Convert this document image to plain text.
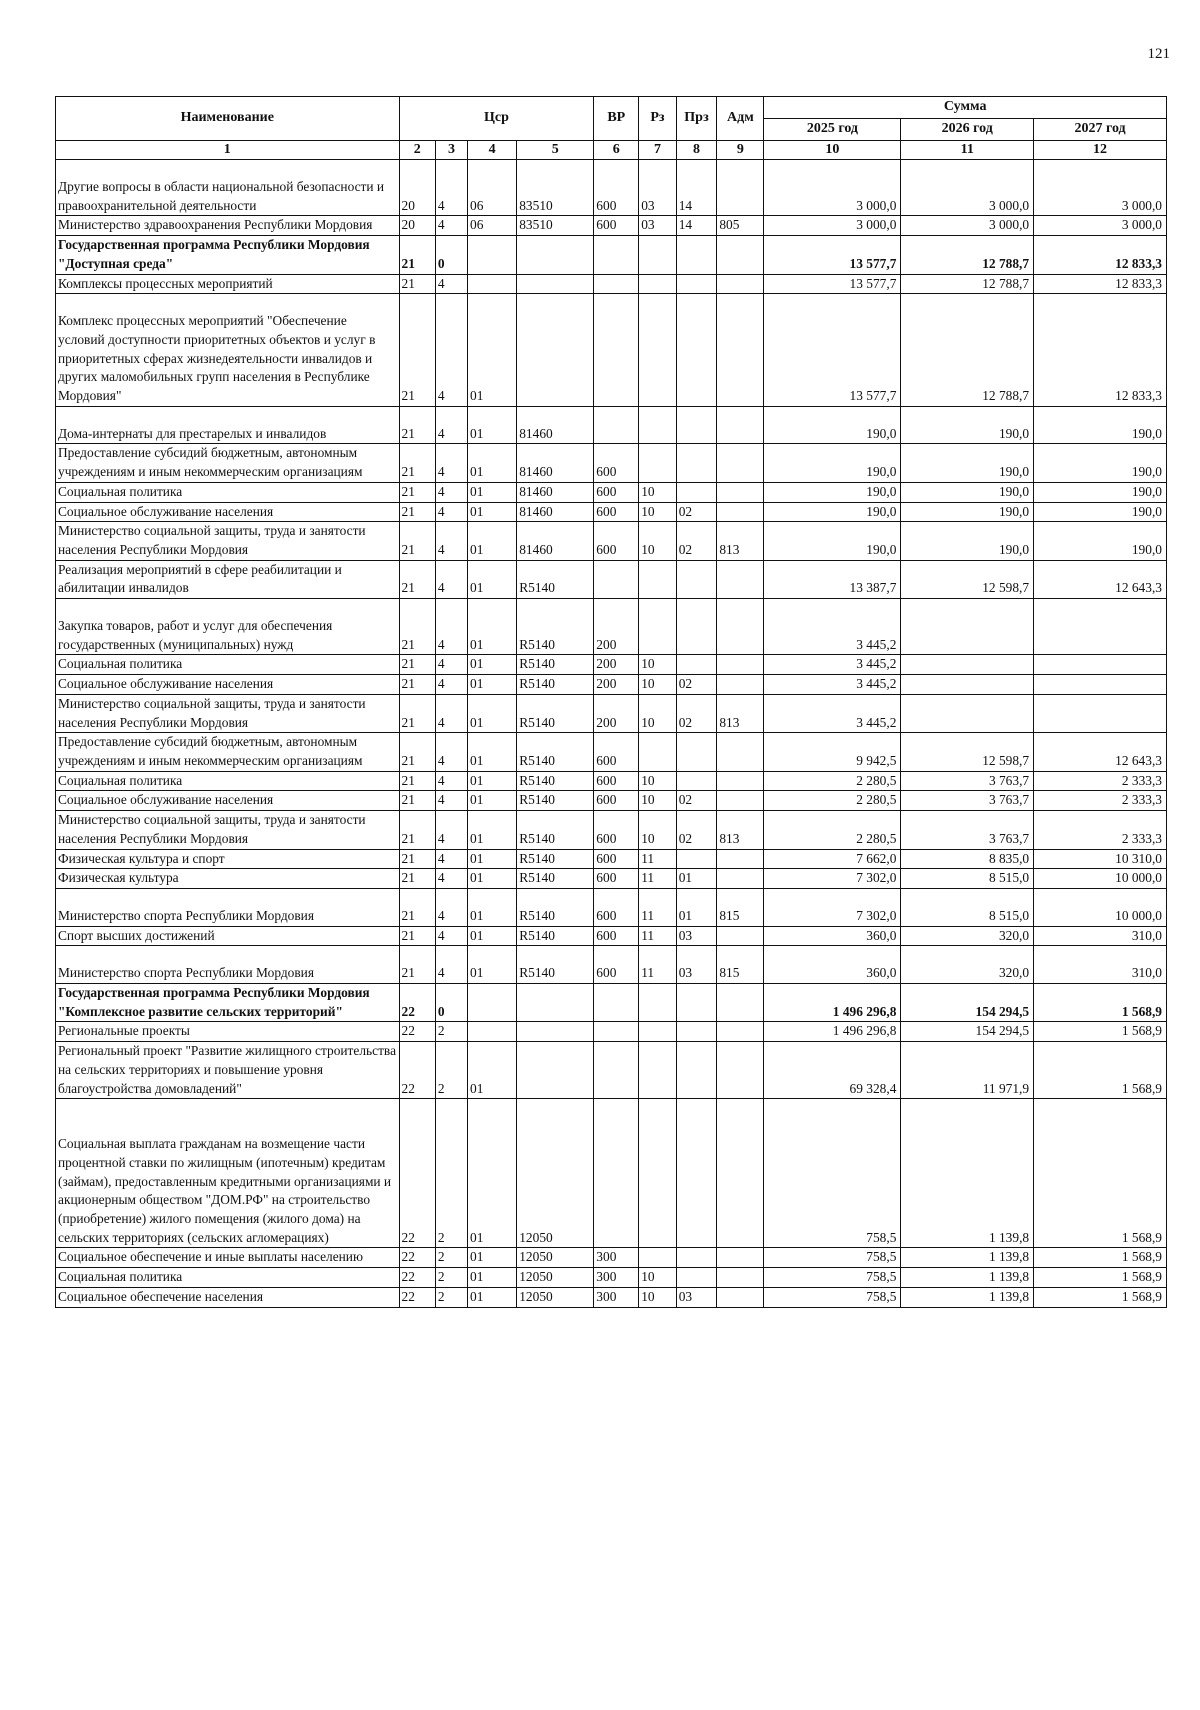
121
Наименование	Цср				ВР	Рз	Прз	Адм	Сумма		
									2025 год	2026 год	2027 год
1	2	3	4	5	6	7	8	9	10	11	12
Другие вопросы в области национальной безопасности и правоохранительной деятельности	20	4	06	83510	600	03	14		3 000,0	3 000,0	3 000,0
Министерство здравоохранения Республики Мордовия	20	4	06	83510	600	03	14	805	3 000,0	3 000,0	3 000,0
Государственная программа Республики Мордовия "Доступная среда"	21	0							13 577,7	12 788,7	12 833,3
Комплексы процессных мероприятий	21	4							13 577,7	12 788,7	12 833,3
Комплекс процессных мероприятий "Обеспечение условий доступности приоритетных объектов и услуг в приоритетных сферах жизнедеятельности инвалидов и других маломобильных групп населения в Республике Мордовия"	21	4	01						13 577,7	12 788,7	12 833,3
Дома-интернаты для престарелых и инвалидов	21	4	01	81460					190,0	190,0	190,0
Предоставление субсидий бюджетным, автономным учреждениям и иным некоммерческим организациям	21	4	01	81460	600				190,0	190,0	190,0
Социальная политика	21	4	01	81460	600	10			190,0	190,0	190,0
Социальное обслуживание населения	21	4	01	81460	600	10	02		190,0	190,0	190,0
Министерство социальной защиты, труда и занятости населения Республики Мордовия	21	4	01	81460	600	10	02	813	190,0	190,0	190,0
Реализация мероприятий в сфере реабилитации и абилитации инвалидов	21	4	01	R5140					13 387,7	12 598,7	12 643,3
Закупка товаров, работ и услуг для обеспечения государственных (муниципальных) нужд	21	4	01	R5140	200				3 445,2		
Социальная политика	21	4	01	R5140	200	10			3 445,2		
Социальное обслуживание населения	21	4	01	R5140	200	10	02		3 445,2		
Министерство социальной защиты, труда и занятости населения Республики Мордовия	21	4	01	R5140	200	10	02	813	3 445,2		
Предоставление субсидий бюджетным, автономным учреждениям и иным некоммерческим организациям	21	4	01	R5140	600				9 942,5	12 598,7	12 643,3
Социальная политика	21	4	01	R5140	600	10			2 280,5	3 763,7	2 333,3
Социальное обслуживание населения	21	4	01	R5140	600	10	02		2 280,5	3 763,7	2 333,3
Министерство социальной защиты, труда и занятости населения Республики Мордовия	21	4	01	R5140	600	10	02	813	2 280,5	3 763,7	2 333,3
Физическая культура и спорт	21	4	01	R5140	600	11			7 662,0	8 835,0	10 310,0
Физическая культура	21	4	01	R5140	600	11	01		7 302,0	8 515,0	10 000,0
Министерство спорта Республики Мордовия	21	4	01	R5140	600	11	01	815	7 302,0	8 515,0	10 000,0
Спорт высших достижений	21	4	01	R5140	600	11	03		360,0	320,0	310,0
Министерство спорта Республики Мордовия	21	4	01	R5140	600	11	03	815	360,0	320,0	310,0
Государственная программа Республики Мордовия "Комплексное развитие сельских территорий"	22	0							1 496 296,8	154 294,5	1 568,9
Региональные проекты	22	2							1 496 296,8	154 294,5	1 568,9
Региональный проект "Развитие жилищного строительства на сельских территориях и повышение уровня благоустройства домовладений"	22	2	01						69 328,4	11 971,9	1 568,9
Социальная выплата гражданам на возмещение части процентной ставки по жилищным (ипотечным) кредитам (займам), предоставленным кредитными организациями и акционерным обществом "ДОМ.РФ" на строительство (приобретение) жилого помещения (жилого дома) на сельских территориях (сельских агломерациях)	22	2	01	12050					758,5	1 139,8	1 568,9
Социальное обеспечение и иные выплаты населению	22	2	01	12050	300				758,5	1 139,8	1 568,9
Социальная политика	22	2	01	12050	300	10			758,5	1 139,8	1 568,9
Социальное обеспечение населения	22	2	01	12050	300	10	03		758,5	1 139,8	1 568,9
